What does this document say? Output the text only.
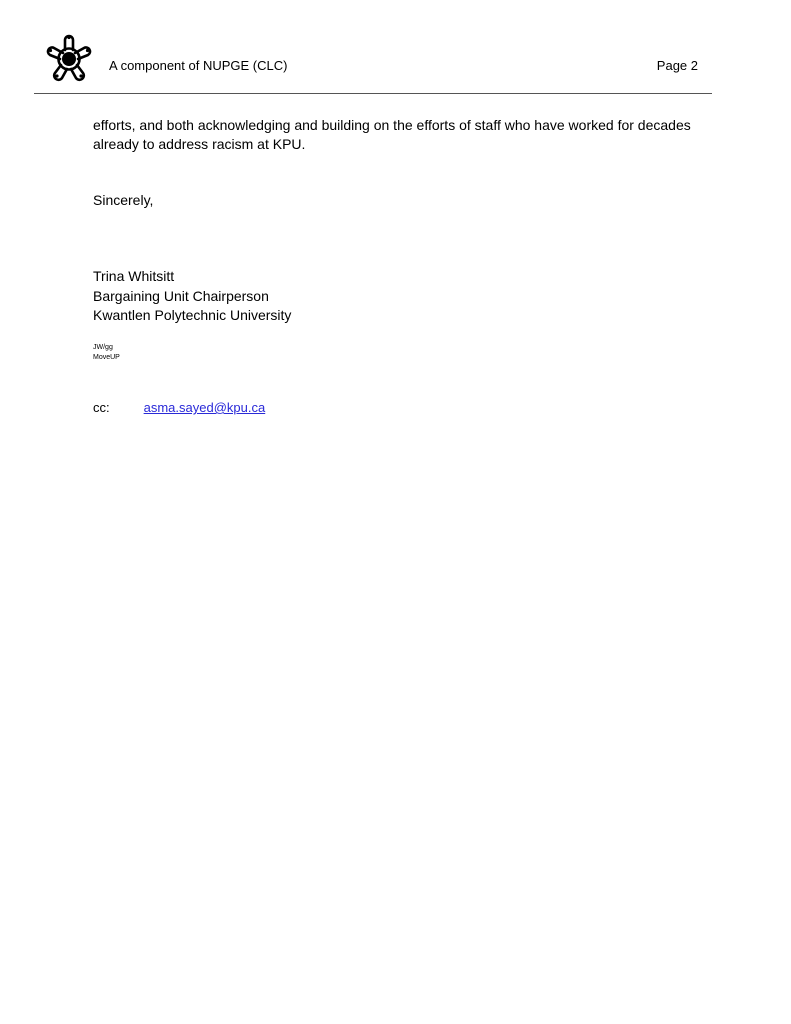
A component of NUPGE (CLC)	Page 2

efforts, and both acknowledging and building on the efforts of staff who have worked for decades already to address racism at KPU.

Sincerely,

Trina Whitsitt
Bargaining Unit Chairperson
Kwantlen Polytechnic University
JW/gg
MoveUP
cc:	asma.sayed@kpu.ca
